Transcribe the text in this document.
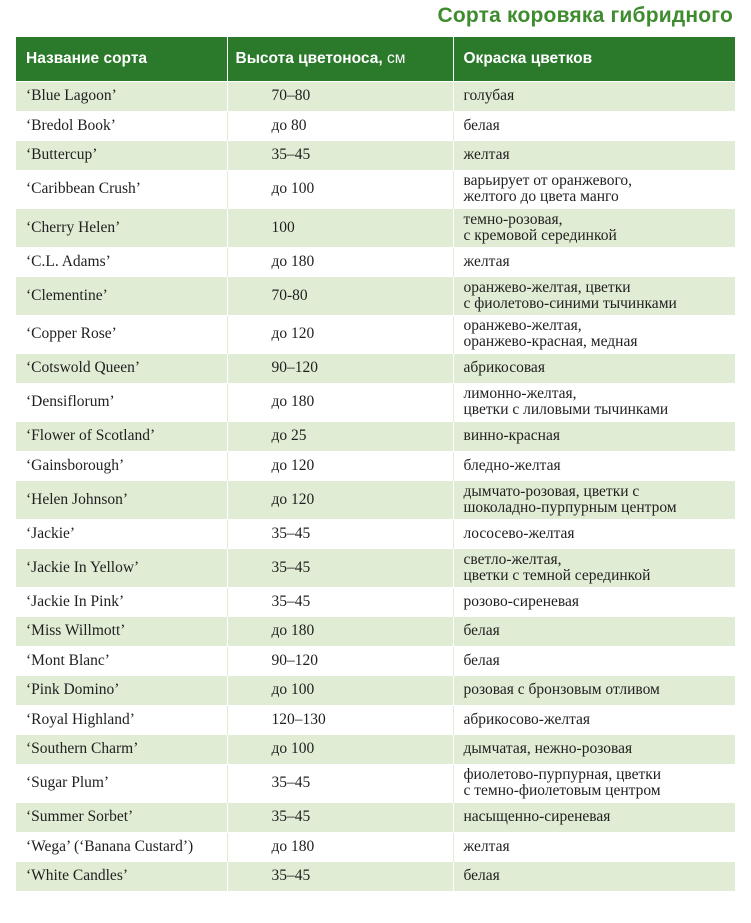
Сорта коровяка гибридного
Название сорта	Высота цветоноса, см	Окраска цветков
‘Blue Lagoon’	70–80	голубая
‘Bredol Book’	до 80	белая
‘Buttercup’	35–45	желтая
‘Caribbean Crush’	до 100	варьирует от оранжевого,
желтого до цвета манго
‘Cherry Helen’	100	темно-розовая,
с кремовой серединкой
‘C.L. Adams’	до 180	желтая
‘Clementine’	70-80	оранжево-желтая, цветки
с фиолетово-синими тычинками
‘Copper Rose’	до 120	оранжево-желтая,
оранжево-красная, медная
‘Cotswold Queen’	90–120	абрикосовая
‘Densiflorum’	до 180	лимонно-желтая,
цветки с лиловыми тычинками
‘Flower of Scotland’	до 25	винно-красная
‘Gainsborough’	до 120	бледно-желтая
‘Helen Johnson’	до 120	дымчато-розовая, цветки с
шоколадно-пурпурным центром
‘Jackie’	35–45	лососево-желтая
‘Jackie In Yellow’	35–45	светло-желтая,
цветки с темной серединкой
‘Jackie In Pink’	35–45	розово-сиреневая
‘Miss Willmott’	до 180	белая
‘Mont Blanc’	90–120	белая
‘Pink Domino’	до 100	розовая с бронзовым отливом
‘Royal Highland’	120–130	абрикосово-желтая
‘Southern Charm’	до 100	дымчатая, нежно-розовая
‘Sugar Plum’	35–45	фиолетово-пурпурная, цветки
с темно-фиолетовым центром
‘Summer Sorbet’	35–45	насыщенно-сиреневая
‘Wega’ (‘Banana Custard’)	до 180	желтая
‘White Candles’	35–45	белая
